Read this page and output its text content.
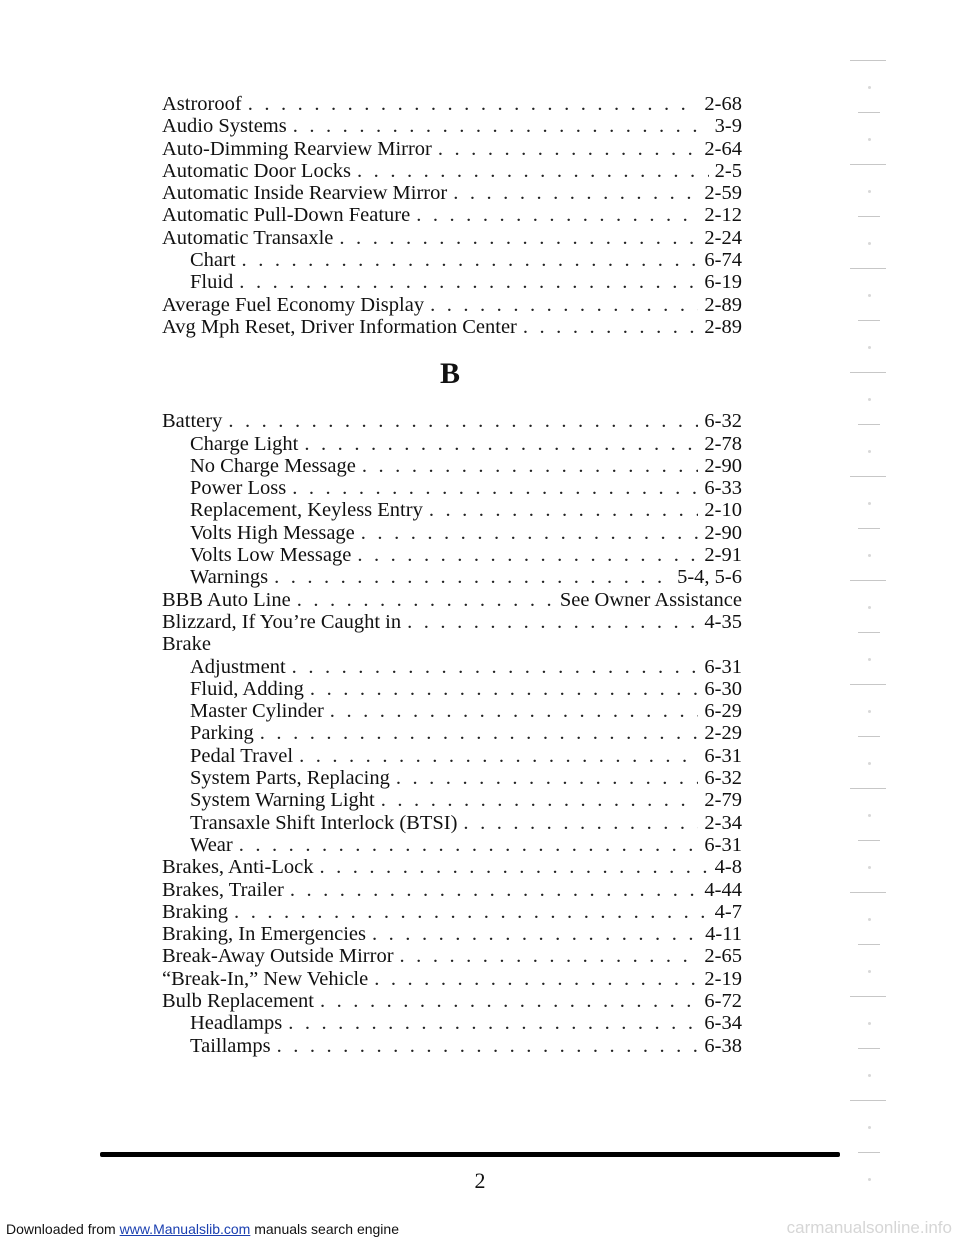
Astroroof . . .	2-68
Audio Systems . . .	3-9
Auto-Dimming Rearview Mirror . . .	2-64
Automatic Door Locks . . .	2-5
Automatic Inside Rearview Mirror . . .	2-59
Automatic Pull-Down Feature . . .	2-12
Automatic Transaxle . . .	2-24
Chart . . .	6-74
Fluid . . .	6-19
Average Fuel Economy Display . . .	2-89
Avg Mph Reset, Driver Information Center . . .	2-89
B
Battery . . .	6-32
Charge Light . . .	2-78
No Charge Message . . .	2-90
Power Loss . . .	6-33
Replacement, Keyless Entry . . .	2-10
Volts High Message . . .	2-90
Volts Low Message . . .	2-91
Warnings . . .	5-4, 5-6
BBB Auto Line . . .	See Owner Assistance
Blizzard, If You’re Caught in . . .	4-35
Brake
Adjustment . . .	6-31
Fluid, Adding . . .	6-30
Master Cylinder . . .	6-29
Parking . . .	2-29
Pedal Travel . . .	6-31
System Parts, Replacing . . .	6-32
System Warning Light . . .	2-79
Transaxle Shift Interlock (BTSI) . . .	2-34
Wear . . .	6-31
Brakes, Anti-Lock . . .	4-8
Brakes, Trailer . . .	4-44
Braking . . .	4-7
Braking, In Emergencies . . .	4-11
Break-Away Outside Mirror . . .	2-65
“Break-In,” New Vehicle . . .	2-19
Bulb Replacement . . .	6-72
Headlamps . . .	6-34
Taillamps . . .	6-38
2
Downloaded from www.Manualslib.com manuals search engine	carmanualsonline.info
